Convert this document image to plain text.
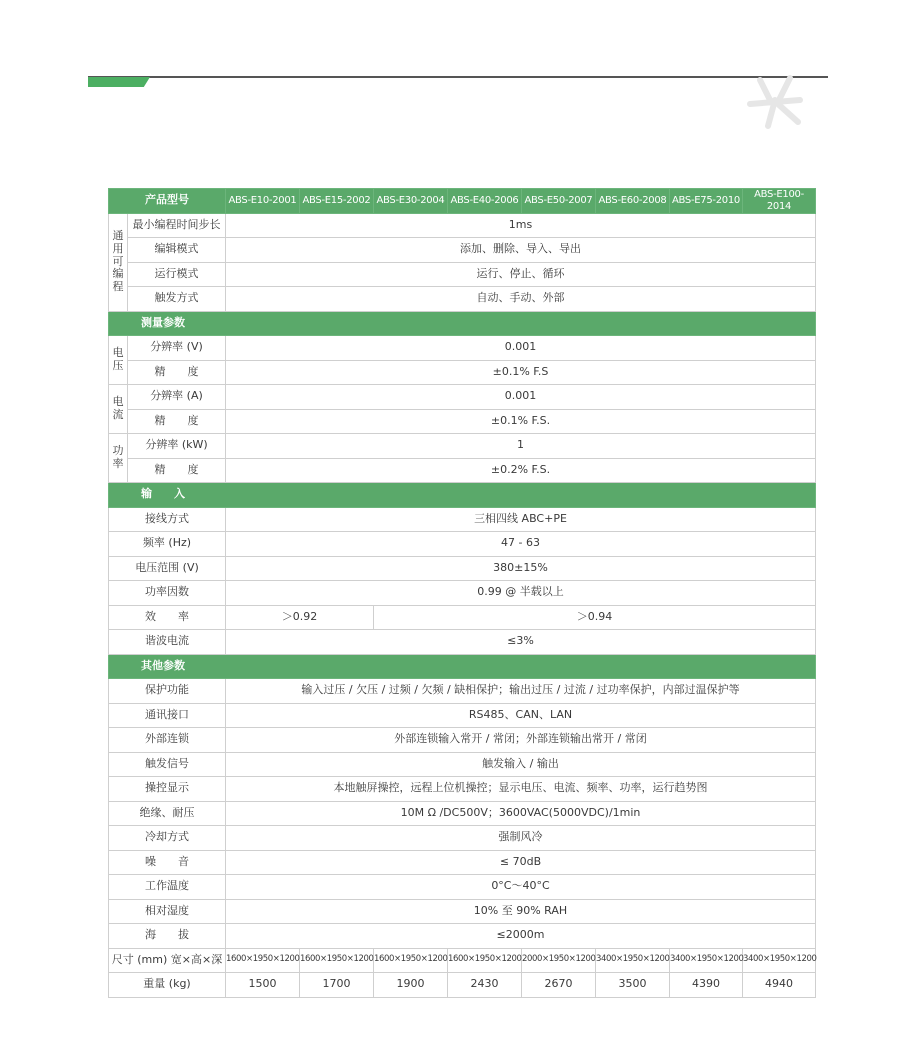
产品型号		ABS-E10-2001	ABS-E15-2002	ABS-E30-2004	ABS-E40-2006	ABS-E50-2007	ABS-E60-2008	ABS-E75-2010	ABS-E100-2014
通用可编程	最小编程时间步长	1ms							
	编辑模式	添加、删除、导入、导出							
	运行模式	运行、停止、循环							
	触发方式	自动、手动、外部							
测量参数									
电压	分辨率 (V)	0.001							
	精　　度	±0.1% F.S							
电流	分辨率 (A)	0.001							
	精　　度	±0.1% F.S.							
功率	分辨率 (kW)	1							
	精　　度	±0.2% F.S.							
输　　入									
接线方式		三相四线 ABC+PE							
频率 (Hz)		47 - 63							
电压范围 (V)		380±15%							
功率因数		0.99 @ 半载以上							
效　　率		＞0.92		＞0.94					
谐波电流		≤3%							
其他参数									
保护功能		输入过压 / 欠压 / 过频 / 欠频 / 缺相保护；输出过压 / 过流 / 过功率保护，内部过温保护等							
通讯接口		RS485、CAN、LAN							
外部连锁		外部连锁输入常开 / 常闭；外部连锁输出常开 / 常闭							
触发信号		触发输入 / 输出							
操控显示		本地触屏操控，远程上位机操控；显示电压、电流、频率、功率，运行趋势图							
绝缘、耐压		10M Ω /DC500V；3600VAC(5000VDC)/1min							
冷却方式		强制风冷							
噪　　音		≤ 70dB							
工作温度		0°C～40°C							
相对湿度		10% 至 90% RAH							
海　　拔		≤2000m							
尺寸 (mm) 宽×高×深		1600×1950×1200	1600×1950×1200	1600×1950×1200	1600×1950×1200	2000×1950×1200	3400×1950×1200	3400×1950×1200	3400×1950×1200
重量 (kg)		1500	1700	1900	2430	2670	3500	4390	4940
